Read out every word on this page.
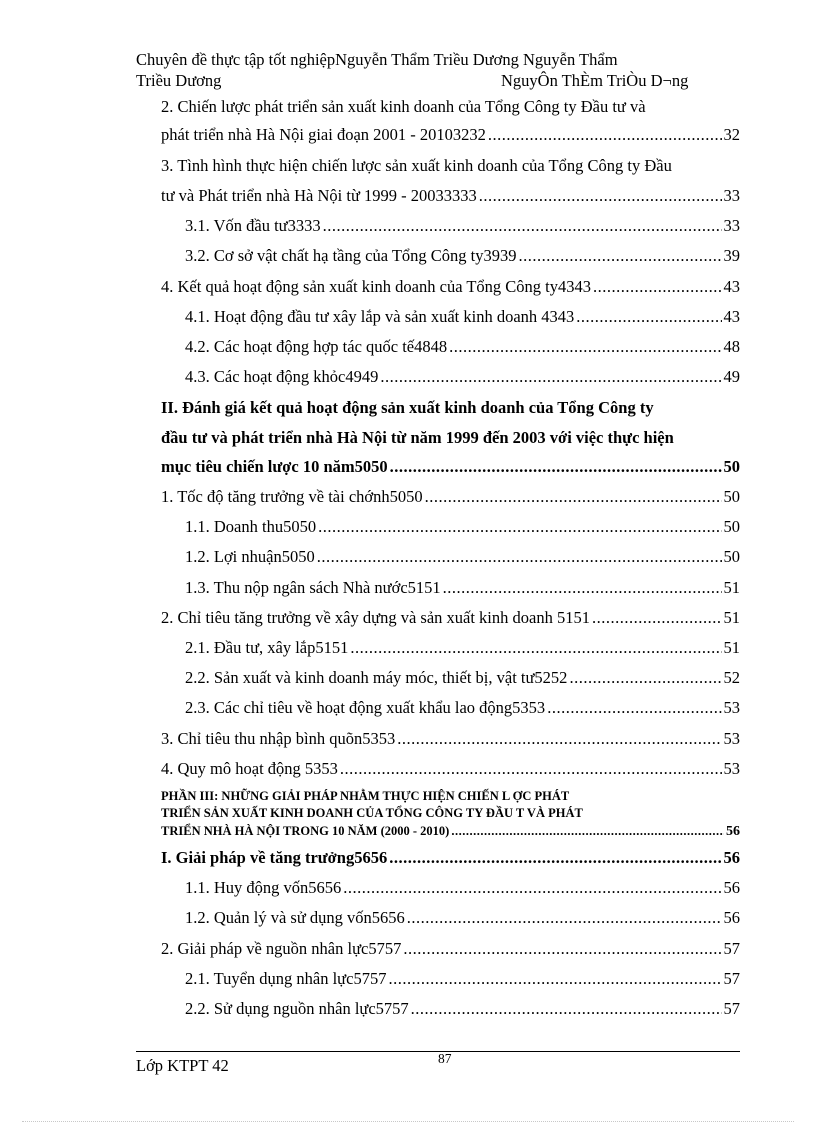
Chuyên đề thực tập tốt nghiệpNguyễn Thẩm Triều Dương Nguyễn Thẩm
Triều Dương	NguyÔn ThÈm TriÒu D¬ng
2. Chiến lược phát triển sản xuất kinh doanh của Tổng Công ty Đầu tư và
phát triển nhà Hà Nội giai đoạn 2001 - 20103232 .....	32
3. Tình hình thực hiện chiến lược sản xuất kinh doanh của Tổng Công ty Đầu
tư và Phát triển nhà Hà Nội từ 1999 - 20033333 .....	33
3.1. Vốn đầu tư3333 .....	33
3.2. Cơ sở vật chất hạ tầng của Tổng Công ty3939 .....	39
4. Kết quả hoạt động sản xuất kinh doanh của Tổng Công ty4343 .....	43
4.1. Hoạt động đầu tư xây lắp và sản xuất kinh doanh 4343 .....	43
4.2. Các hoạt động hợp tác quốc tế4848 .....	48
4.3. Các hoạt động khỏc4949 .....	49
II. Đánh giá kết quả hoạt động sản xuất kinh doanh của Tổng Công ty
đầu tư và phát triển nhà Hà Nội từ năm 1999 đến 2003 với việc thực hiện
mục tiêu chiến lược 10 năm5050 .....	50
1. Tốc độ tăng trưởng về tài chớnh5050 .....	50
1.1. Doanh thu5050 .....	50
1.2. Lợi nhuận5050 .....	50
1.3. Thu nộp ngân sách Nhà nước5151 .....	51
2. Chỉ tiêu tăng trưởng về xây dựng và sản xuất kinh doanh 5151 .....	51
2.1. Đầu tư, xây lắp5151 .....	51
2.2. Sản xuất và kinh doanh máy móc, thiết bị, vật tư5252 .....	52
2.3. Các chỉ tiêu về hoạt động xuất khẩu lao động5353 .....	53
3. Chỉ tiêu thu nhập bình quõn5353 .....	53
4. Quy mô hoạt động 5353 .....	53
PHẦN III: NHỮNG GIẢI PHÁP NHẰM THỰC HIỆN CHIẾN L ỢC PHÁT
TRIỂN SẢN XUẤT KINH DOANH CỦA TỔNG CÔNG TY ĐẦU T VÀ PHÁT
TRIỂN NHÀ HÀ NỘI TRONG 10 NĂM (2000 - 2010) .....	56
I. Giải pháp về tăng trưởng5656 .....	56
1.1. Huy động vốn5656 .....	56
1.2. Quản lý và sử dụng vốn5656 .....	56
2. Giải pháp về nguồn nhân lực5757 .....	57
2.1. Tuyển dụng nhân lực5757 .....	57
2.2. Sử dụng nguồn nhân lực5757 .....	57
Lớp KTPT 42	87
